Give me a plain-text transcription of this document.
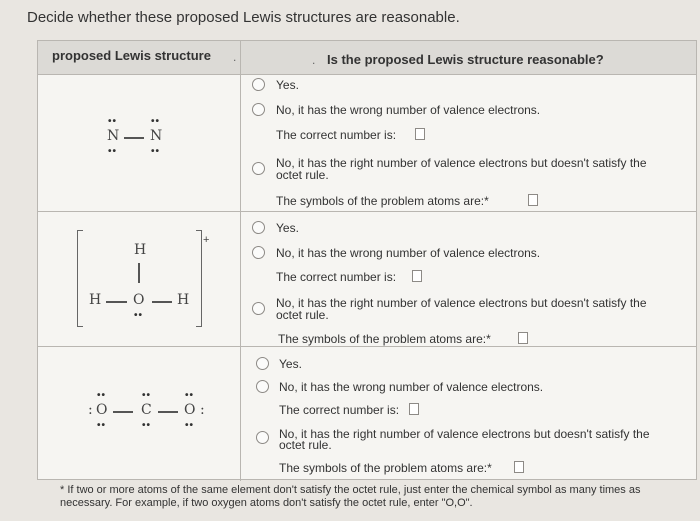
Decide whether these proposed Lewis structures are reasonable.
proposed Lewis structure .	. Is the proposed Lewis structure reasonable?
N N
••
••
••
••
Yes.
No, it has the wrong number of valence electrons.
The correct number is:
No, it has the right number of valence electrons but doesn't satisfy the
octet rule.
The symbols of the problem atoms are:*
+
H
H O H
••
Yes.
No, it has the wrong number of valence electrons.
The correct number is:
No, it has the right number of valence electrons but doesn't satisfy the
octet rule.
The symbols of the problem atoms are:*
: O C O :
••
••
••
••
••
••
Yes.
No, it has the wrong number of valence electrons.
The correct number is:
No, it has the right number of valence electrons but doesn't satisfy the
octet rule.
The symbols of the problem atoms are:*
* If two or more atoms of the same element don't satisfy the octet rule, just enter the chemical symbol as many times as necessary. For example, if two oxygen atoms don't satisfy the octet rule, enter "O,O".
